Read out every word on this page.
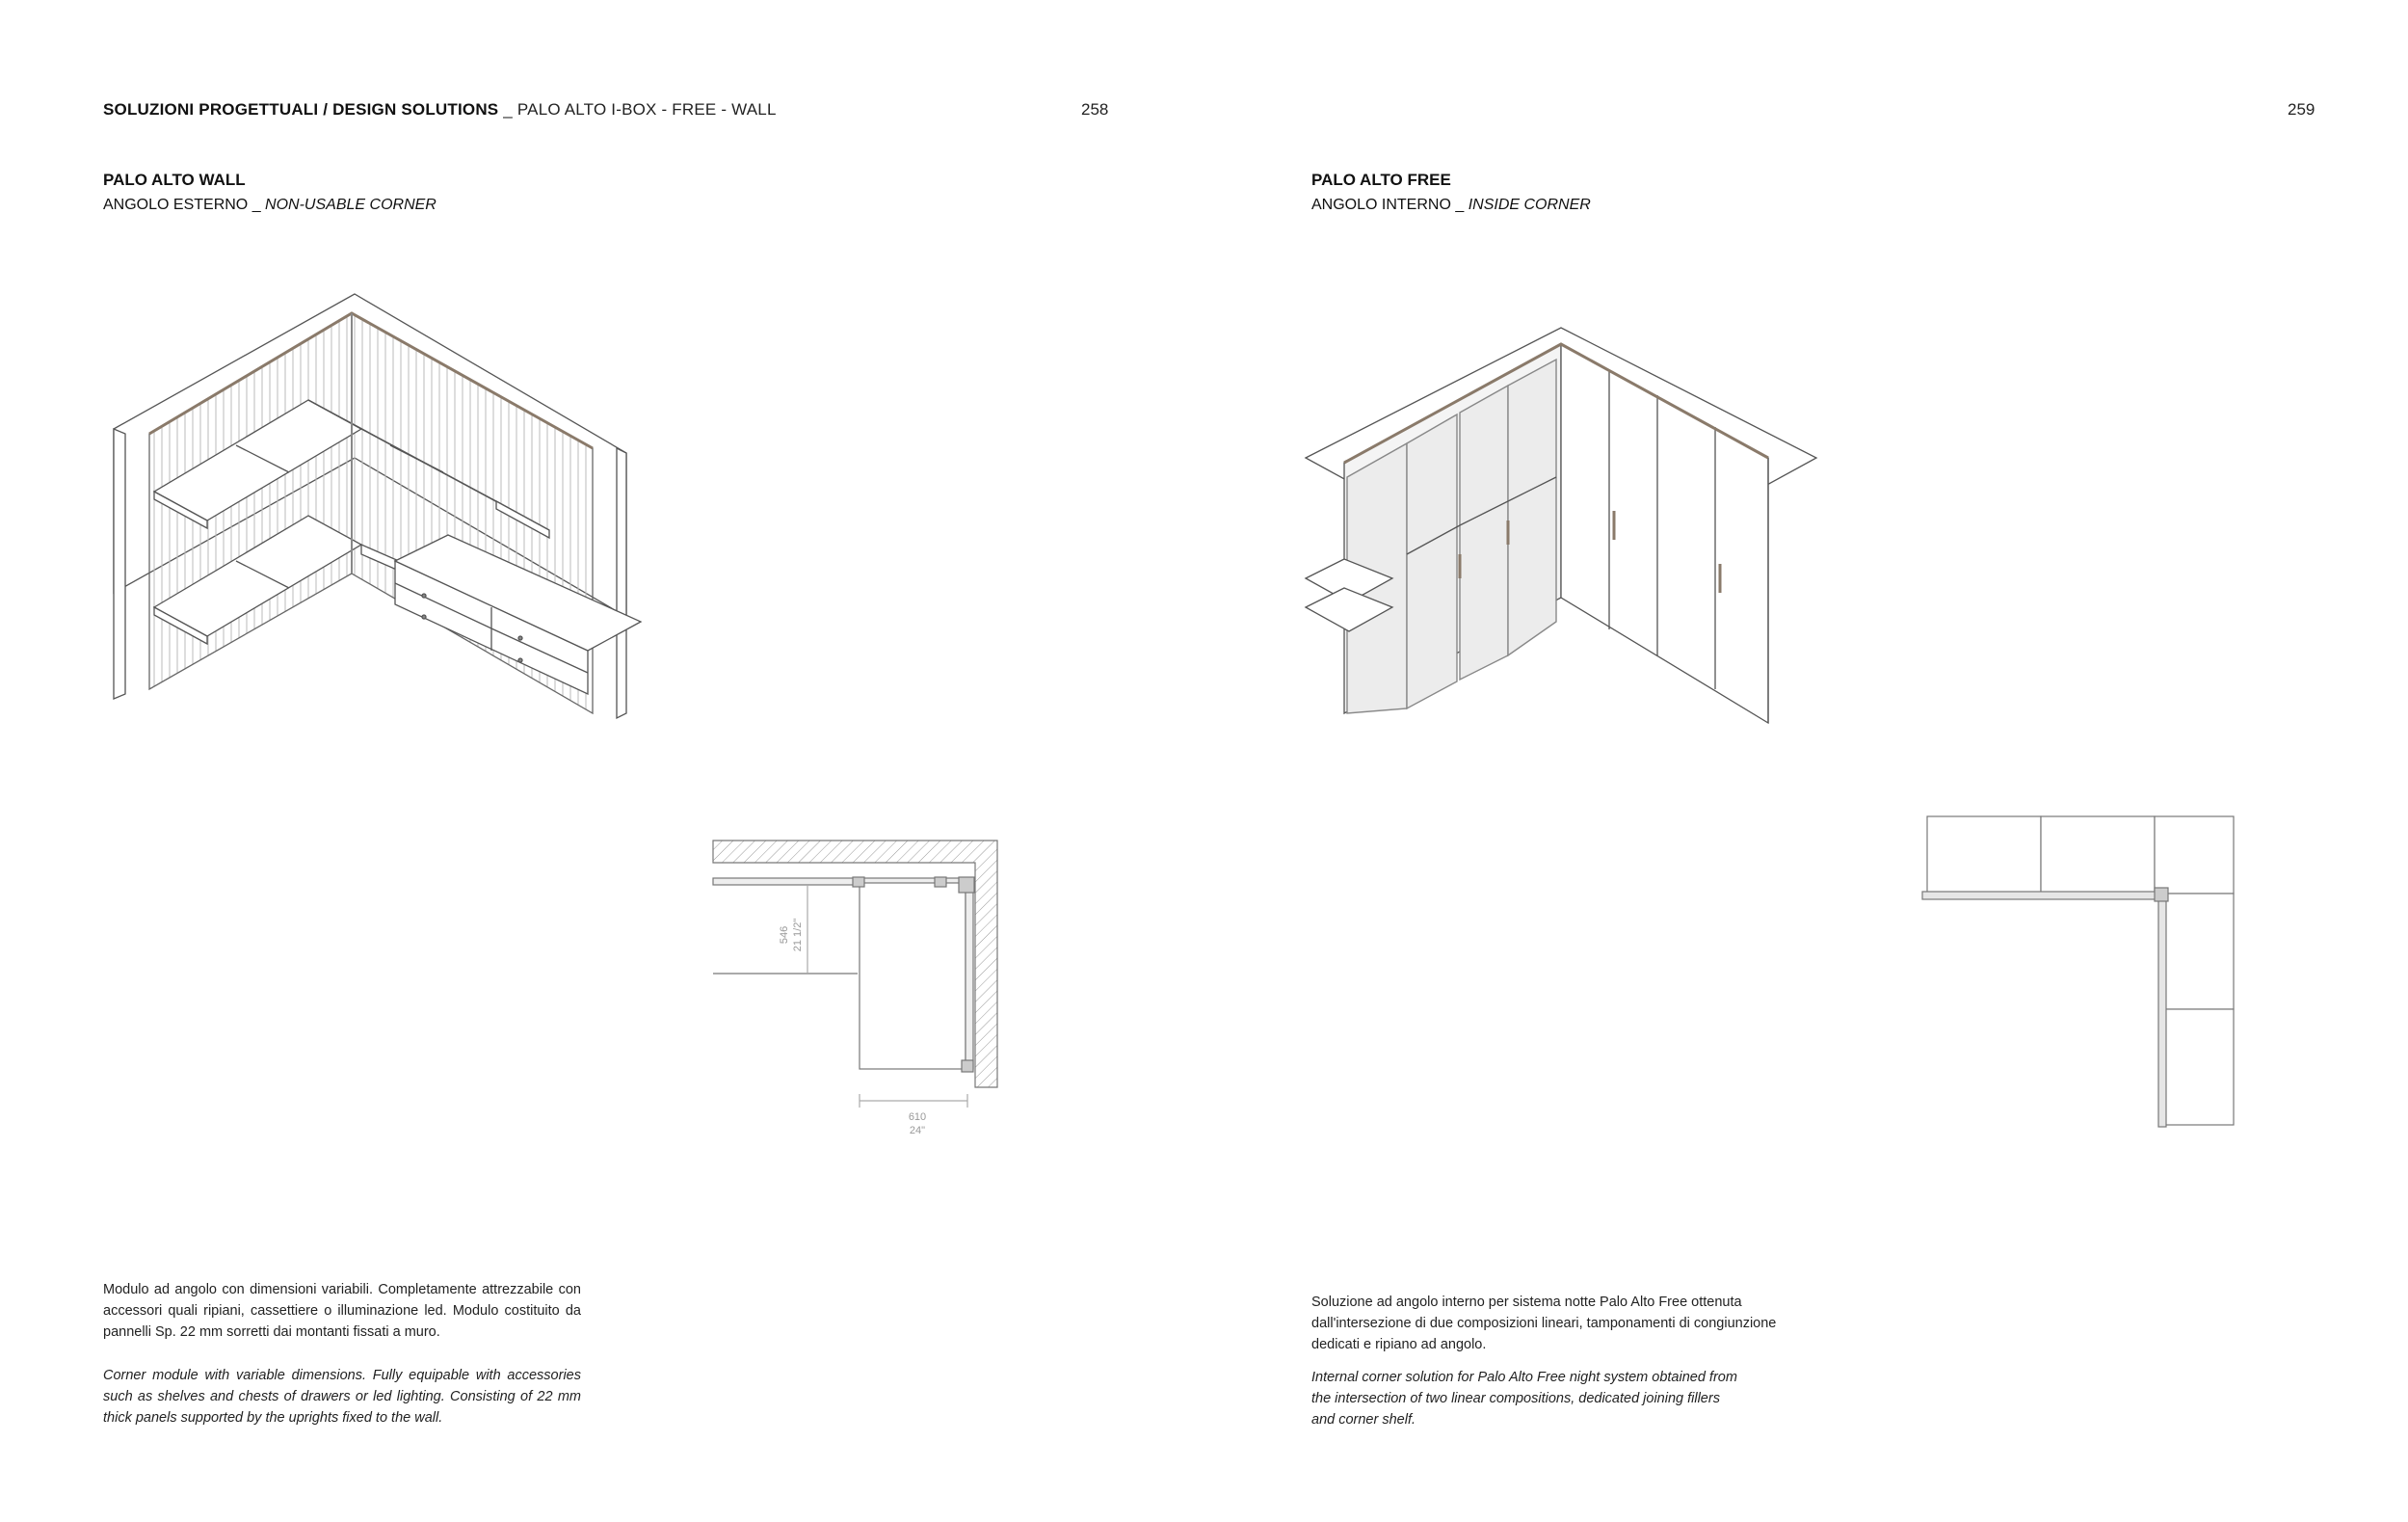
SOLUZIONI PROGETTUALI / DESIGN SOLUTIONS _ PALO ALTO I-BOX - FREE - WALL	258	259
PALO ALTO WALL
ANGOLO ESTERNO _ NON-USABLE CORNER
PALO ALTO FREE
ANGOLO INTERNO _ INSIDE CORNER
546 21 1/2"
610
24"
Modulo ad angolo con dimensioni variabili. Completamente attrezzabile con accessori quali ripiani, cassettiere o illuminazione led. Modulo costituito da pannelli Sp. 22 mm sorretti dai montanti fissati a muro.
Corner module with variable dimensions. Fully equipable with accessories such as shelves and chests of drawers or led lighting. Consisting of 22 mm thick panels supported by the uprights fixed to the wall.
Soluzione ad angolo interno per sistema notte Palo Alto Free ottenuta
dall'intersezione di due composizioni lineari, tamponamenti di congiunzione
dedicati e ripiano ad angolo.
Internal corner solution for Palo Alto Free night system obtained from
the intersection of two linear compositions, dedicated joining fillers
and corner shelf.
